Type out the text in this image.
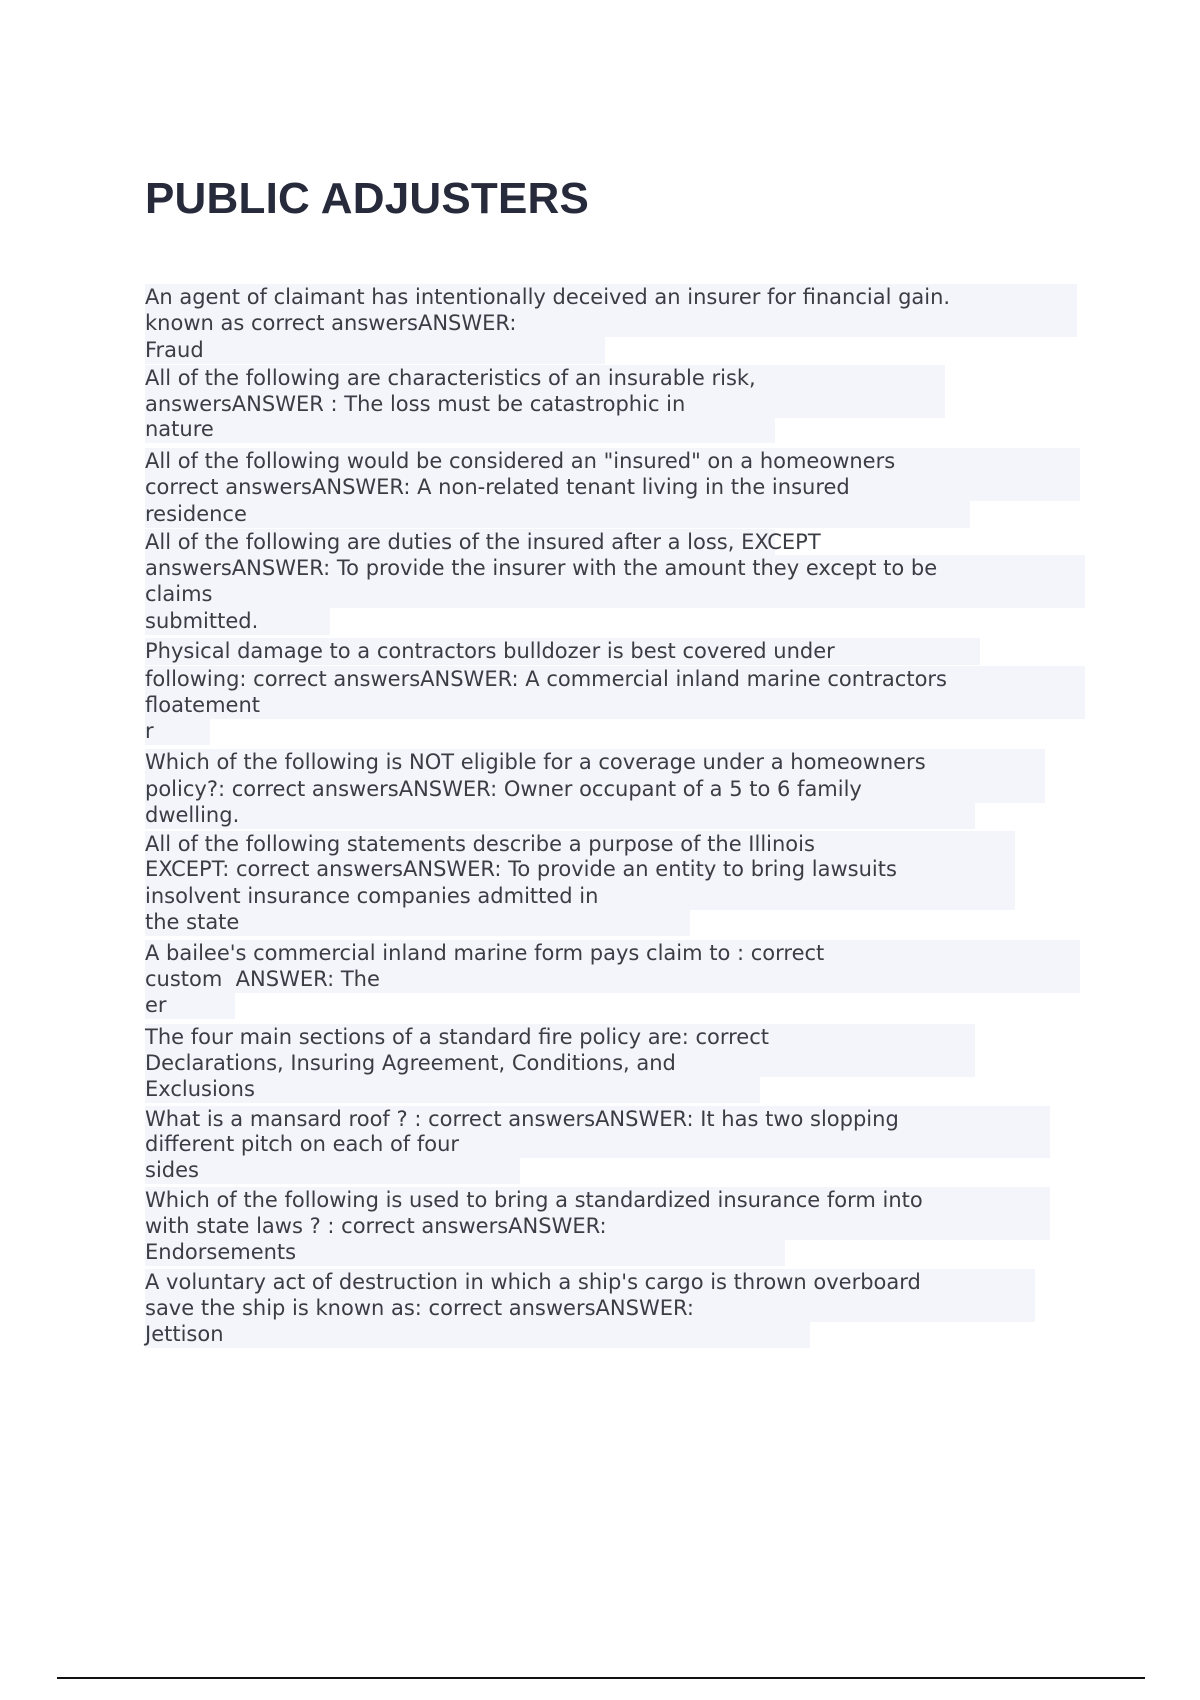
PUBLIC ADJUSTERS
An agent of claimant has intentionally deceived an insurer for financial gain.
known as correct answersANSWER:
Fraud
All of the following are characteristics of an insurable risk,
answersANSWER : The loss must be catastrophic in
nature
All of the following would be considered an "insured" on a homeowners
correct answersANSWER: A non-related tenant living in the insured
residence
All of the following are duties of the insured after a loss, EXCEPT
answersANSWER: To provide the insurer with the amount they except to be
claims
submitted.
Physical damage to a contractors bulldozer is best covered under
following: correct answersANSWER: A commercial inland marine contractors
floatement
r
Which of the following is NOT eligible for a coverage under a homeowners
policy?: correct answersANSWER: Owner occupant of a 5 to 6 family
dwelling.
All of the following statements describe a purpose of the Illinois
EXCEPT: correct answersANSWER: To provide an entity to bring lawsuits
insolvent insurance companies admitted in
the state
A bailee's commercial inland marine form pays claim to : correct
custom  ANSWER: The
er
The four main sections of a standard fire policy are: correct
Declarations, Insuring Agreement, Conditions, and
Exclusions
What is a mansard roof ? : correct answersANSWER: It has two slopping
different pitch on each of four
sides
Which of the following is used to bring a standardized insurance form into
with state laws ? : correct answersANSWER:
Endorsements
A voluntary act of destruction in which a ship's cargo is thrown overboard
save the ship is known as: correct answersANSWER:
Jettison
